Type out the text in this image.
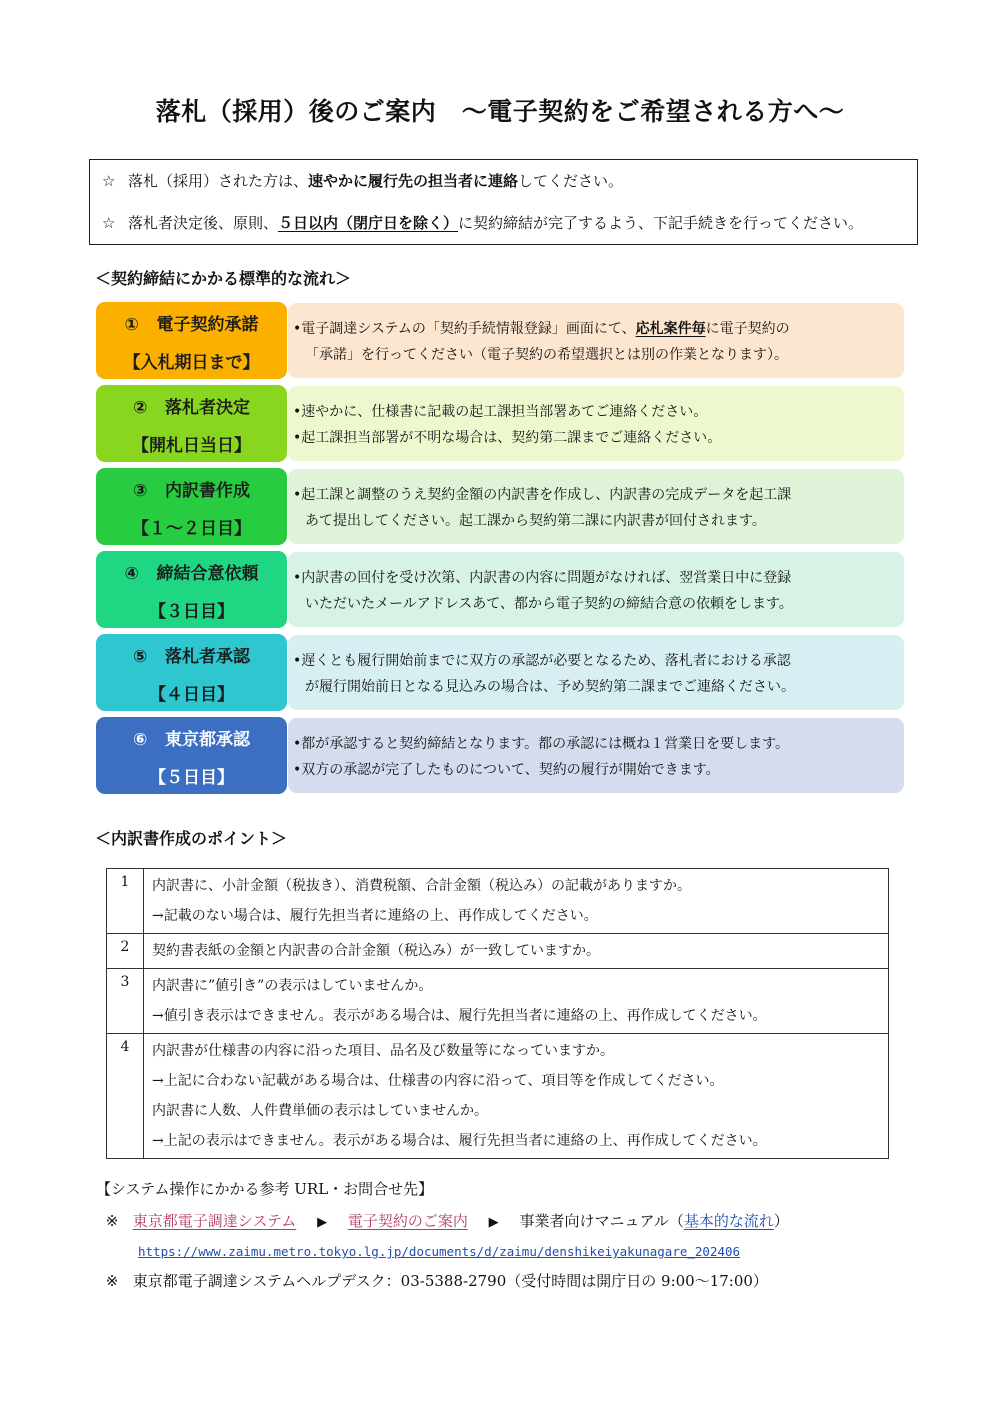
落札（採用）後のご案内　～電子契約をご希望される方へ～
☆ 落札（採用）された方は、速やかに履行先の担当者に連絡してください。
☆ 落札者決定後、原則、５日以内（閉庁日を除く）に契約締結が完了するよう、下記手続きを行ってください。
＜契約締結にかかる標準的な流れ＞
① 電子契約承諾
【入札期日まで】
•電子調達システムの「契約手続情報登録」画面にて、応札案件毎に電子契約の
「承諾」を行ってください（電子契約の希望選択とは別の作業となります）。
② 落札者決定
【開札日当日】
•速やかに、仕様書に記載の起工課担当部署あてご連絡ください。
•起工課担当部署が不明な場合は、契約第二課までご連絡ください。
③ 内訳書作成
【１～２日目】
•起工課と調整のうえ契約金額の内訳書を作成し、内訳書の完成データを起工課
あて提出してください。起工課から契約第二課に内訳書が回付されます。
④ 締結合意依頼
【３日目】
•内訳書の回付を受け次第、内訳書の内容に問題がなければ、翌営業日中に登録
いただいたメールアドレスあて、都から電子契約の締結合意の依頼をします。
⑤ 落札者承認
【４日目】
•遅くとも履行開始前までに双方の承認が必要となるため、落札者における承認
が履行開始前日となる見込みの場合は、予め契約第二課までご連絡ください。
⑥ 東京都承認
【５日目】
•都が承認すると契約締結となります。都の承認には概ね１営業日を要します。
•双方の承認が完了したものについて、契約の履行が開始できます。
＜内訳書作成のポイント＞
1	内訳書に、小計金額（税抜き）、消費税額、合計金額（税込み）の記載がありますか。
→記載のない場合は、履行先担当者に連絡の上、再作成してください。

2	契約書表紙の金額と内訳書の合計金額（税込み）が一致していますか。

3	内訳書に”値引き”の表示はしていませんか。
→値引き表示はできません。表示がある場合は、履行先担当者に連絡の上、再作成してください。

4	内訳書が仕様書の内容に沿った項目、品名及び数量等になっていますか。
→上記に合わない記載がある場合は、仕様書の内容に沿って、項目等を作成してください。
内訳書に人数、人件費単価の表示はしていませんか。
→上記の表示はできません。表示がある場合は、履行先担当者に連絡の上、再作成してください。
【システム操作にかかる参考 URL・お問合せ先】
※ 東京都電子調達システム ▶ 電子契約のご案内 ▶ 事業者向けマニュアル（基本的な流れ）
https://www.zaimu.metro.tokyo.lg.jp/documents/d/zaimu/denshikeiyakunagare_202406
※ 東京都電子調達システムヘルプデスク：03-5388-2790（受付時間は開庁日の 9:00～17:00）
